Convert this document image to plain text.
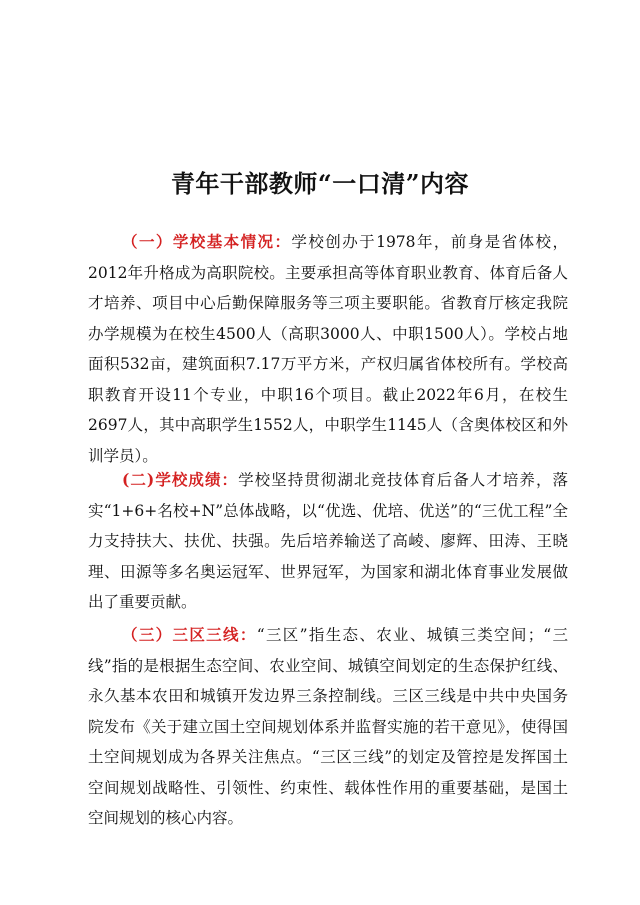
青年干部教师“一口清”内容

（一）学校基本情况：学校创办于1978年，前身是省体校，2012年升格成为高职院校。主要承担高等体育职业教育、体育后备人才培养、项目中心后勤保障服务等三项主要职能。省教育厅核定我院办学规模为在校生4500人（高职3000人、中职1500人）。学校占地面积532亩，建筑面积7.17万平方米，产权归属省体校所有。学校高职教育开设11个专业，中职16个项目。截止2022年6月，在校生2697人，其中高职学生1552人，中职学生1145人（含奥体校区和外训学员）。

(二)学校成绩：学校坚持贯彻湖北竞技体育后备人才培养，落实“1+6+名校+N”总体战略，以“优选、优培、优送”的“三优工程”全力支持扶大、扶优、扶强。先后培养输送了高崚、廖辉、田涛、王晓理、田源等多名奥运冠军、世界冠军，为国家和湖北体育事业发展做出了重要贡献。

（三）三区三线：“三区”指生态、农业、城镇三类空间；“三线”指的是根据生态空间、农业空间、城镇空间划定的生态保护红线、永久基本农田和城镇开发边界三条控制线。三区三线是中共中央国务院发布《关于建立国土空间规划体系并监督实施的若干意见》，使得国土空间规划成为各界关注焦点。“三区三线”的划定及管控是发挥国土空间规划战略性、引领性、约束性、载体性作用的重要基础，是国土空间规划的核心内容。
